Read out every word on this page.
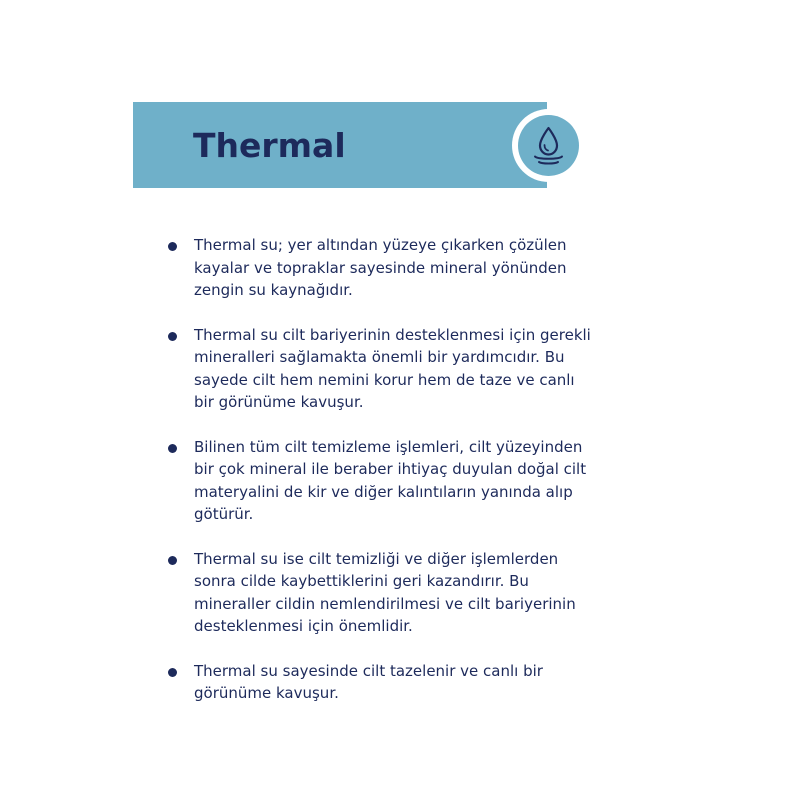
Thermal
Thermal su; yer altından yüzeye çıkarken çözülen
kayalar ve topraklar sayesinde mineral yönünden
zengin su kaynağıdır.
Thermal su cilt bariyerinin desteklenmesi için gerekli
mineralleri sağlamakta önemli bir yardımcıdır. Bu
sayede cilt hem nemini korur hem de taze ve canlı
bir görünüme kavuşur.
Bilinen tüm cilt temizleme işlemleri, cilt yüzeyinden
bir çok mineral ile beraber ihtiyaç duyulan doğal cilt
materyalini de kir ve diğer kalıntıların yanında alıp
götürür.
Thermal su ise cilt temizliği ve diğer işlemlerden
sonra cilde kaybettiklerini geri kazandırır. Bu
mineraller cildin nemlendirilmesi ve cilt bariyerinin
desteklenmesi için önemlidir.
Thermal su sayesinde cilt tazelenir ve canlı bir
görünüme kavuşur.
